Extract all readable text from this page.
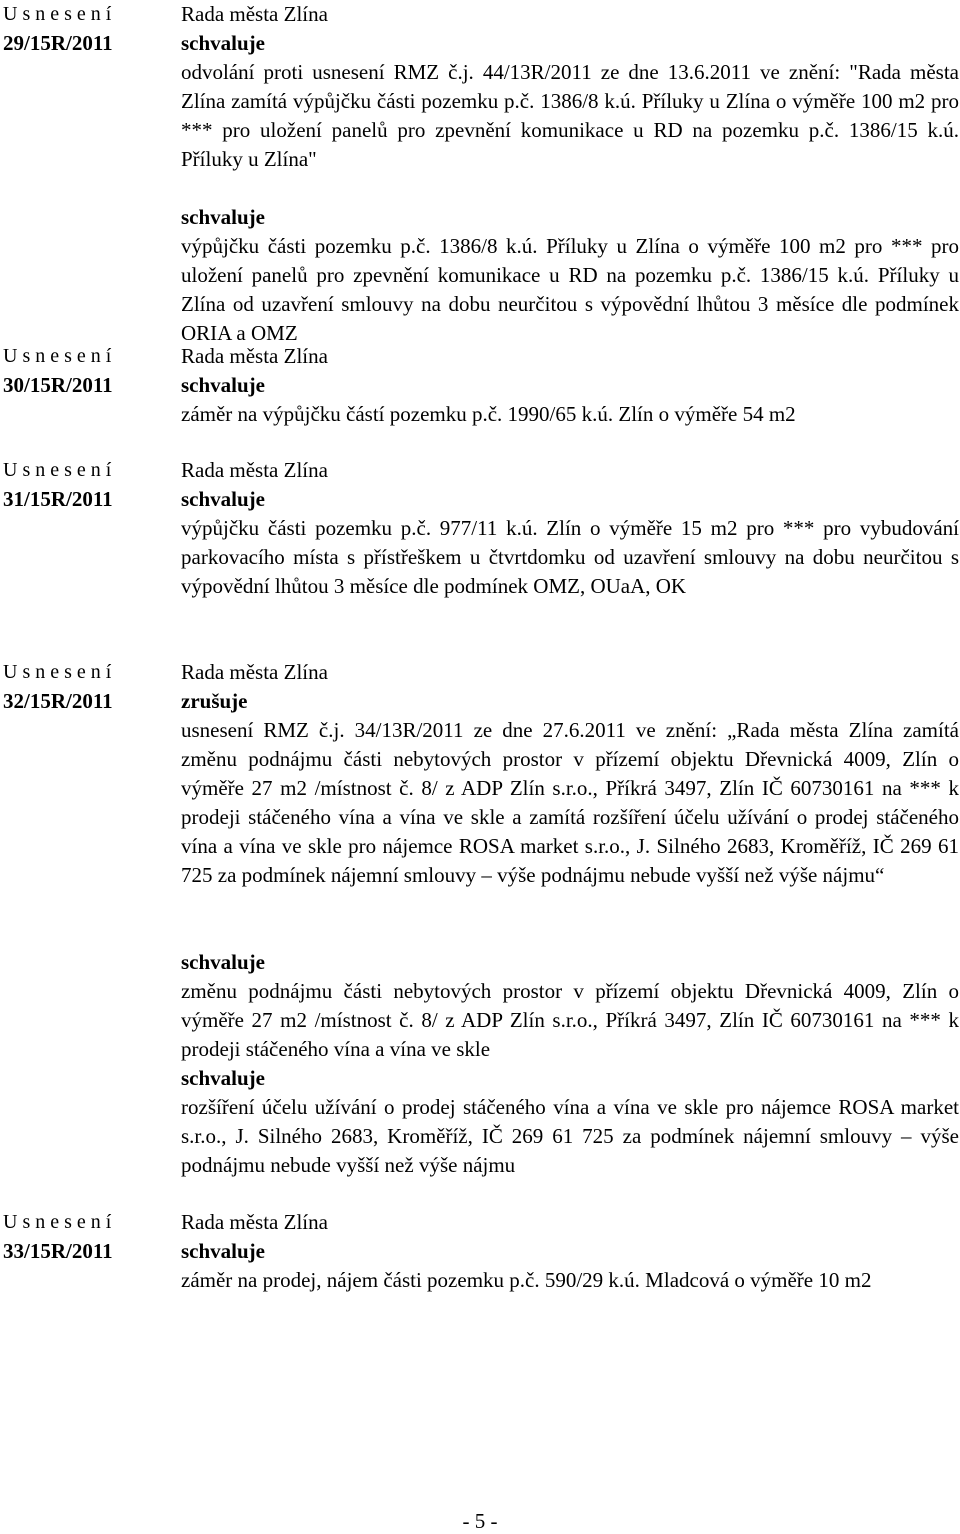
U s n e s e n í
29/15R/2011
Rada města Zlína
schvaluje
odvolání proti usnesení RMZ č.j. 44/13R/2011 ze dne 13.6.2011 ve znění: "Rada města Zlína zamítá výpůjčku části pozemku p.č. 1386/8 k.ú. Příluky u Zlína o výměře 100 m2 pro *** pro uložení panelů pro zpevnění komunikace u RD na pozemku p.č. 1386/15 k.ú. Příluky u Zlína"
schvaluje
výpůjčku části pozemku p.č. 1386/8 k.ú. Příluky u Zlína o výměře 100 m2 pro *** pro uložení panelů pro zpevnění komunikace u RD na pozemku p.č. 1386/15 k.ú. Příluky u Zlína od uzavření smlouvy na dobu neurčitou s výpovědní lhůtou 3 měsíce dle podmínek ORIA a OMZ
U s n e s e n í
30/15R/2011
Rada města Zlína
schvaluje
záměr na výpůjčku částí pozemku p.č. 1990/65 k.ú. Zlín o výměře 54 m2
U s n e s e n í
31/15R/2011
Rada města Zlína
schvaluje
výpůjčku části pozemku p.č. 977/11 k.ú. Zlín o výměře 15 m2 pro *** pro vybudování parkovacího místa s přístřeškem u čtvrtdomku od uzavření smlouvy na dobu neurčitou s výpovědní lhůtou 3 měsíce dle podmínek OMZ, OUaA, OK
U s n e s e n í
32/15R/2011
Rada města Zlína
zrušuje
usnesení RMZ č.j. 34/13R/2011 ze dne 27.6.2011 ve znění: „Rada města Zlína zamítá změnu podnájmu části nebytových prostor v přízemí objektu Dřevnická 4009, Zlín o výměře 27 m2 /místnost č. 8/ z ADP Zlín s.r.o., Příkrá 3497, Zlín IČ 60730161 na *** k prodeji stáčeného vína a vína ve skle a zamítá rozšíření účelu užívání o prodej stáčeného vína a vína ve skle pro nájemce ROSA market s.r.o., J. Silného 2683, Kroměříž, IČ 269 61 725 za podmínek nájemní smlouvy – výše podnájmu nebude vyšší než výše nájmu“
schvaluje
změnu podnájmu části nebytových prostor v přízemí objektu Dřevnická 4009, Zlín o výměře 27 m2 /místnost č. 8/ z ADP Zlín s.r.o., Příkrá 3497, Zlín IČ 60730161 na *** k prodeji stáčeného vína a vína ve skle
schvaluje
rozšíření účelu užívání o prodej stáčeného vína a vína ve skle pro nájemce ROSA market s.r.o., J. Silného 2683, Kroměříž, IČ 269 61 725 za podmínek nájemní smlouvy – výše podnájmu nebude vyšší než výše nájmu
U s n e s e n í
33/15R/2011
Rada města Zlína
schvaluje
záměr na prodej, nájem části pozemku p.č. 590/29 k.ú. Mladcová o výměře 10 m2
- 5 -
